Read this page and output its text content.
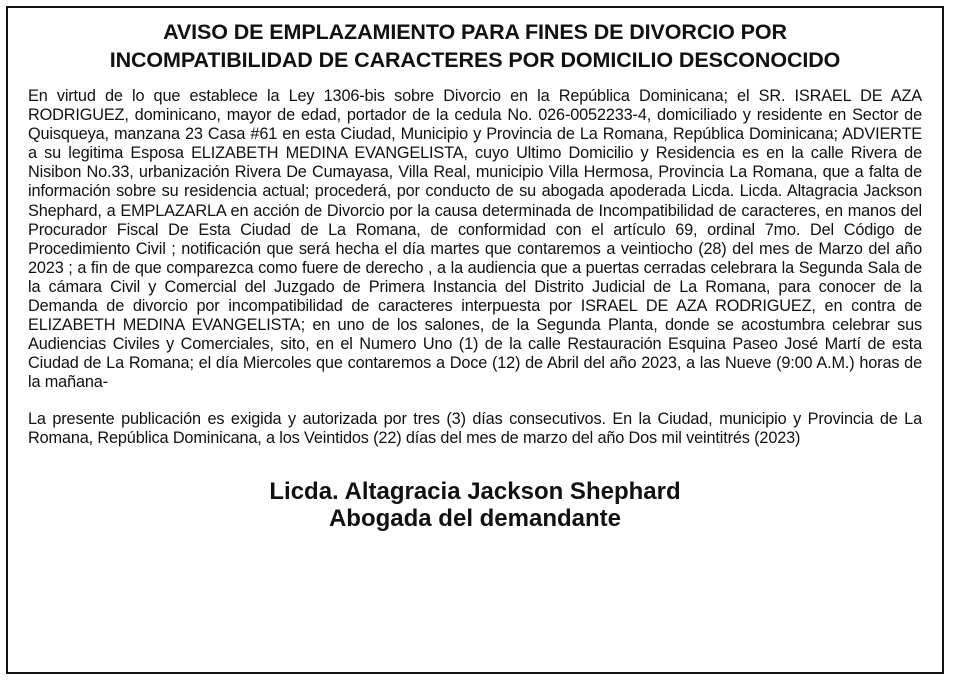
AVISO DE EMPLAZAMIENTO PARA FINES DE DIVORCIO POR
INCOMPATIBILIDAD DE CARACTERES POR DOMICILIO DESCONOCIDO

En virtud de lo que establece la Ley 1306-bis sobre Divorcio en la República Dominicana; el SR. ISRAEL DE AZA RODRIGUEZ, dominicano, mayor de edad, portador de la cedula No. 026-0052233-4, domiciliado y residente en Sector de Quisqueya, manzana 23 Casa #61 en esta Ciudad, Municipio y Provincia de La Romana, República Dominicana; ADVIERTE a su legitima Esposa ELIZABETH MEDINA EVANGELISTA, cuyo Ultimo Domicilio y Residencia es en la calle Rivera de Nisibon No.33, urbanización Rivera De Cumayasa, Villa Real, municipio Villa Hermosa, Provincia La Romana, que a falta de información sobre su residencia actual; procederá, por conducto de su abogada apoderada Licda. Licda. Altagracia Jackson Shephard, a EMPLAZARLA en acción de Divorcio por la causa determinada de Incompatibilidad de caracteres, en manos del Procurador Fiscal De Esta Ciudad de La Romana, de conformidad con el artículo 69, ordinal 7mo. Del Código de Procedimiento Civil ; notificación que será hecha el día martes que contaremos a veintiocho (28) del mes de Marzo del año 2023 ; a fin de que comparezca como fuere de derecho , a la audiencia que a puertas cerradas celebrara la Segunda Sala de la cámara Civil y Comercial del Juzgado de Primera Instancia del Distrito Judicial de La Romana, para conocer de la Demanda de divorcio por incompatibilidad de caracteres interpuesta por ISRAEL DE AZA RODRIGUEZ, en contra de ELIZABETH MEDINA EVANGELISTA; en uno de los salones, de la Segunda Planta, donde se acostumbra celebrar sus Audiencias Civiles y Comerciales, sito, en el Numero Uno (1) de la calle Restauración Esquina Paseo José Martí de esta Ciudad de La Romana; el día Miercoles que contaremos a Doce (12) de Abril del año 2023, a las Nueve (9:00 A.M.) horas de la mañana-

La presente publicación es exigida y autorizada por tres (3) días consecutivos. En la Ciudad, municipio y Provincia de La Romana, República Dominicana, a los Veintidos (22) días del mes de marzo del año Dos mil veintitrés (2023)

Licda. Altagracia Jackson Shephard
Abogada del demandante
